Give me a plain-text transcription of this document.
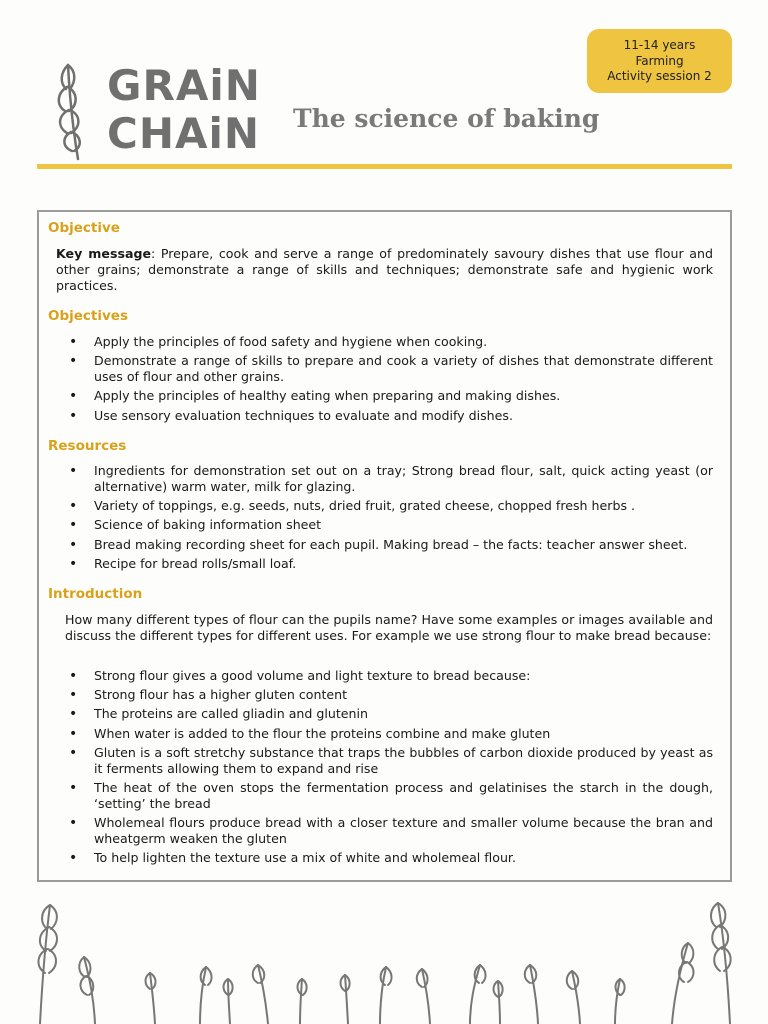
GRAiN
CHAiN The science of baking
11-14 years
Farming
Activity session 2
Objective
Key message: Prepare, cook and serve a range of predominately savoury dishes that use flour and other grains; demonstrate a range of skills and techniques; demonstrate safe and hygienic work practices.
Objectives
• Apply the principles of food safety and hygiene when cooking.
• Demonstrate a range of skills to prepare and cook a variety of dishes that demonstrate different uses of flour and other grains.
• Apply the principles of healthy eating when preparing and making dishes.
• Use sensory evaluation techniques to evaluate and modify dishes.
Resources
• Ingredients for demonstration set out on a tray; Strong bread flour, salt, quick acting yeast (or alternative) warm water, milk for glazing.
• Variety of toppings, e.g. seeds, nuts, dried fruit, grated cheese, chopped fresh herbs .
• Science of baking information sheet
• Bread making recording sheet for each pupil. Making bread – the facts: teacher answer sheet.
• Recipe for bread rolls/small loaf.
Introduction
How many different types of flour can the pupils name? Have some examples or images available and discuss the different types for different uses. For example we use strong flour to make bread because:
• Strong flour gives a good volume and light texture to bread because:
• Strong flour has a higher gluten content
• The proteins are called gliadin and glutenin
• When water is added to the flour the proteins combine and make gluten
• Gluten is a soft stretchy substance that traps the bubbles of carbon dioxide produced by yeast as it ferments allowing them to expand and rise
• The heat of the oven stops the fermentation process and gelatinises the starch in the dough, ‘setting’ the bread
• Wholemeal flours produce bread with a closer texture and smaller volume because the bran and wheatgerm weaken the gluten
• To help lighten the texture use a mix of white and wholemeal flour.
